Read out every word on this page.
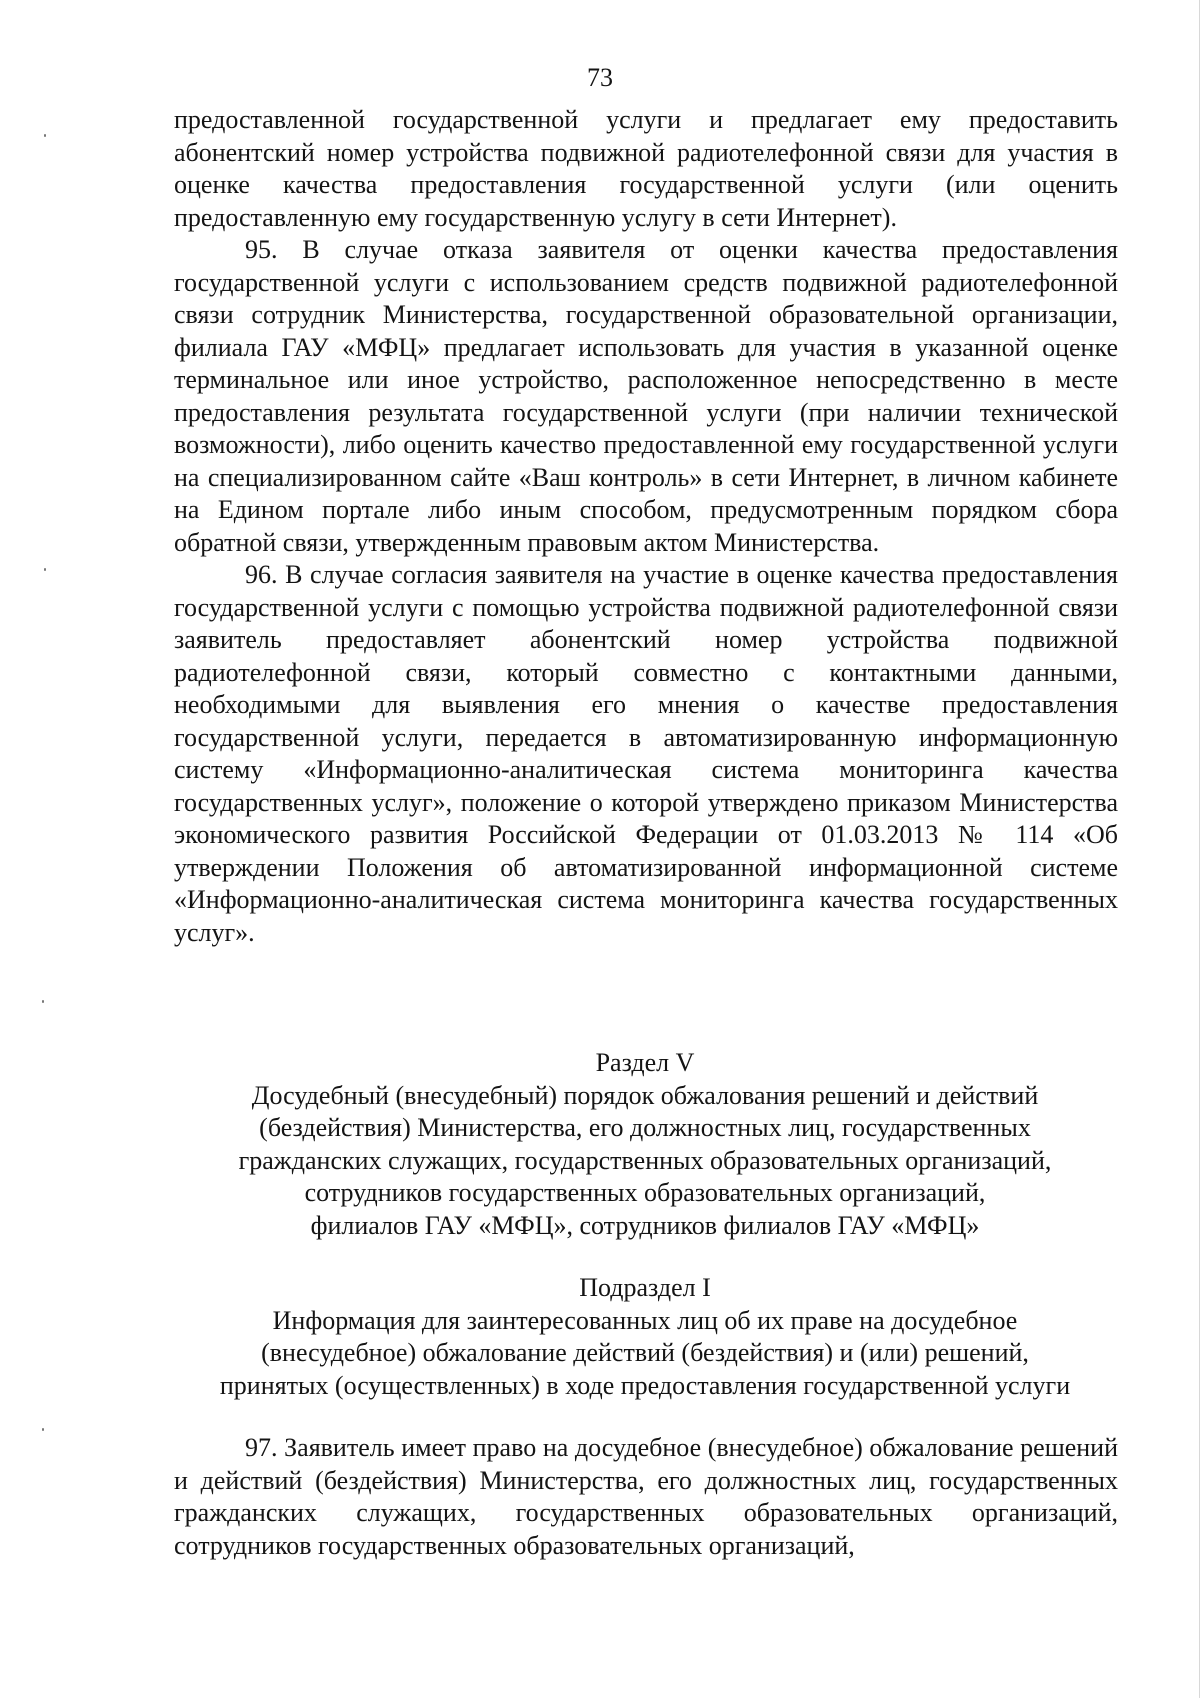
73

предоставленной государственной услуги и предлагает ему предоставить абонентский номер устройства подвижной радиотелефонной связи для участия в оценке качества предоставления государственной услуги (или оценить предоставленную ему государственную услугу в сети Интернет).

95. В случае отказа заявителя от оценки качества предоставления государственной услуги с использованием средств подвижной радиотелефонной связи сотрудник Министерства, государственной образовательной организации, филиала ГАУ «МФЦ» предлагает использовать для участия в указанной оценке терминальное или иное устройство, расположенное непосредственно в месте предоставления результата государственной услуги (при наличии технической возможности), либо оценить качество предоставленной ему государственной услуги на специализированном сайте «Ваш контроль» в сети Интернет, в личном кабинете на Едином портале либо иным способом, предусмотренным порядком сбора обратной связи, утвержденным правовым актом Министерства.

96. В случае согласия заявителя на участие в оценке качества предоставления государственной услуги с помощью устройства подвижной радиотелефонной связи заявитель предоставляет абонентский номер устройства подвижной радиотелефонной связи, который совместно с контактными данными, необходимыми для выявления его мнения о качестве предоставления государственной услуги, передается в автоматизированную информационную систему «Информационно-аналитическая система мониторинга качества государственных услуг», положение о которой утверждено приказом Министерства экономического развития Российской Федерации от 01.03.2013 № 114 «Об утверждении Положения об автоматизированной информационной системе «Информационно-аналитическая система мониторинга качества государственных услуг».

Раздел V

Досудебный (внесудебный) порядок обжалования решений и действий
(бездействия) Министерства, его должностных лиц, государственных
гражданских служащих, государственных образовательных организаций,
сотрудников государственных образовательных организаций,
филиалов ГАУ «МФЦ», сотрудников филиалов ГАУ «МФЦ»

Подраздел I

Информация для заинтересованных лиц об их праве на досудебное
(внесудебное) обжалование действий (бездействия) и (или) решений,
принятых (осуществленных) в ходе предоставления государственной услуги

97. Заявитель имеет право на досудебное (внесудебное) обжалование решений и действий (бездействия) Министерства, его должностных лиц, государственных гражданских служащих, государственных образовательных организаций, сотрудников государственных образовательных организаций,
